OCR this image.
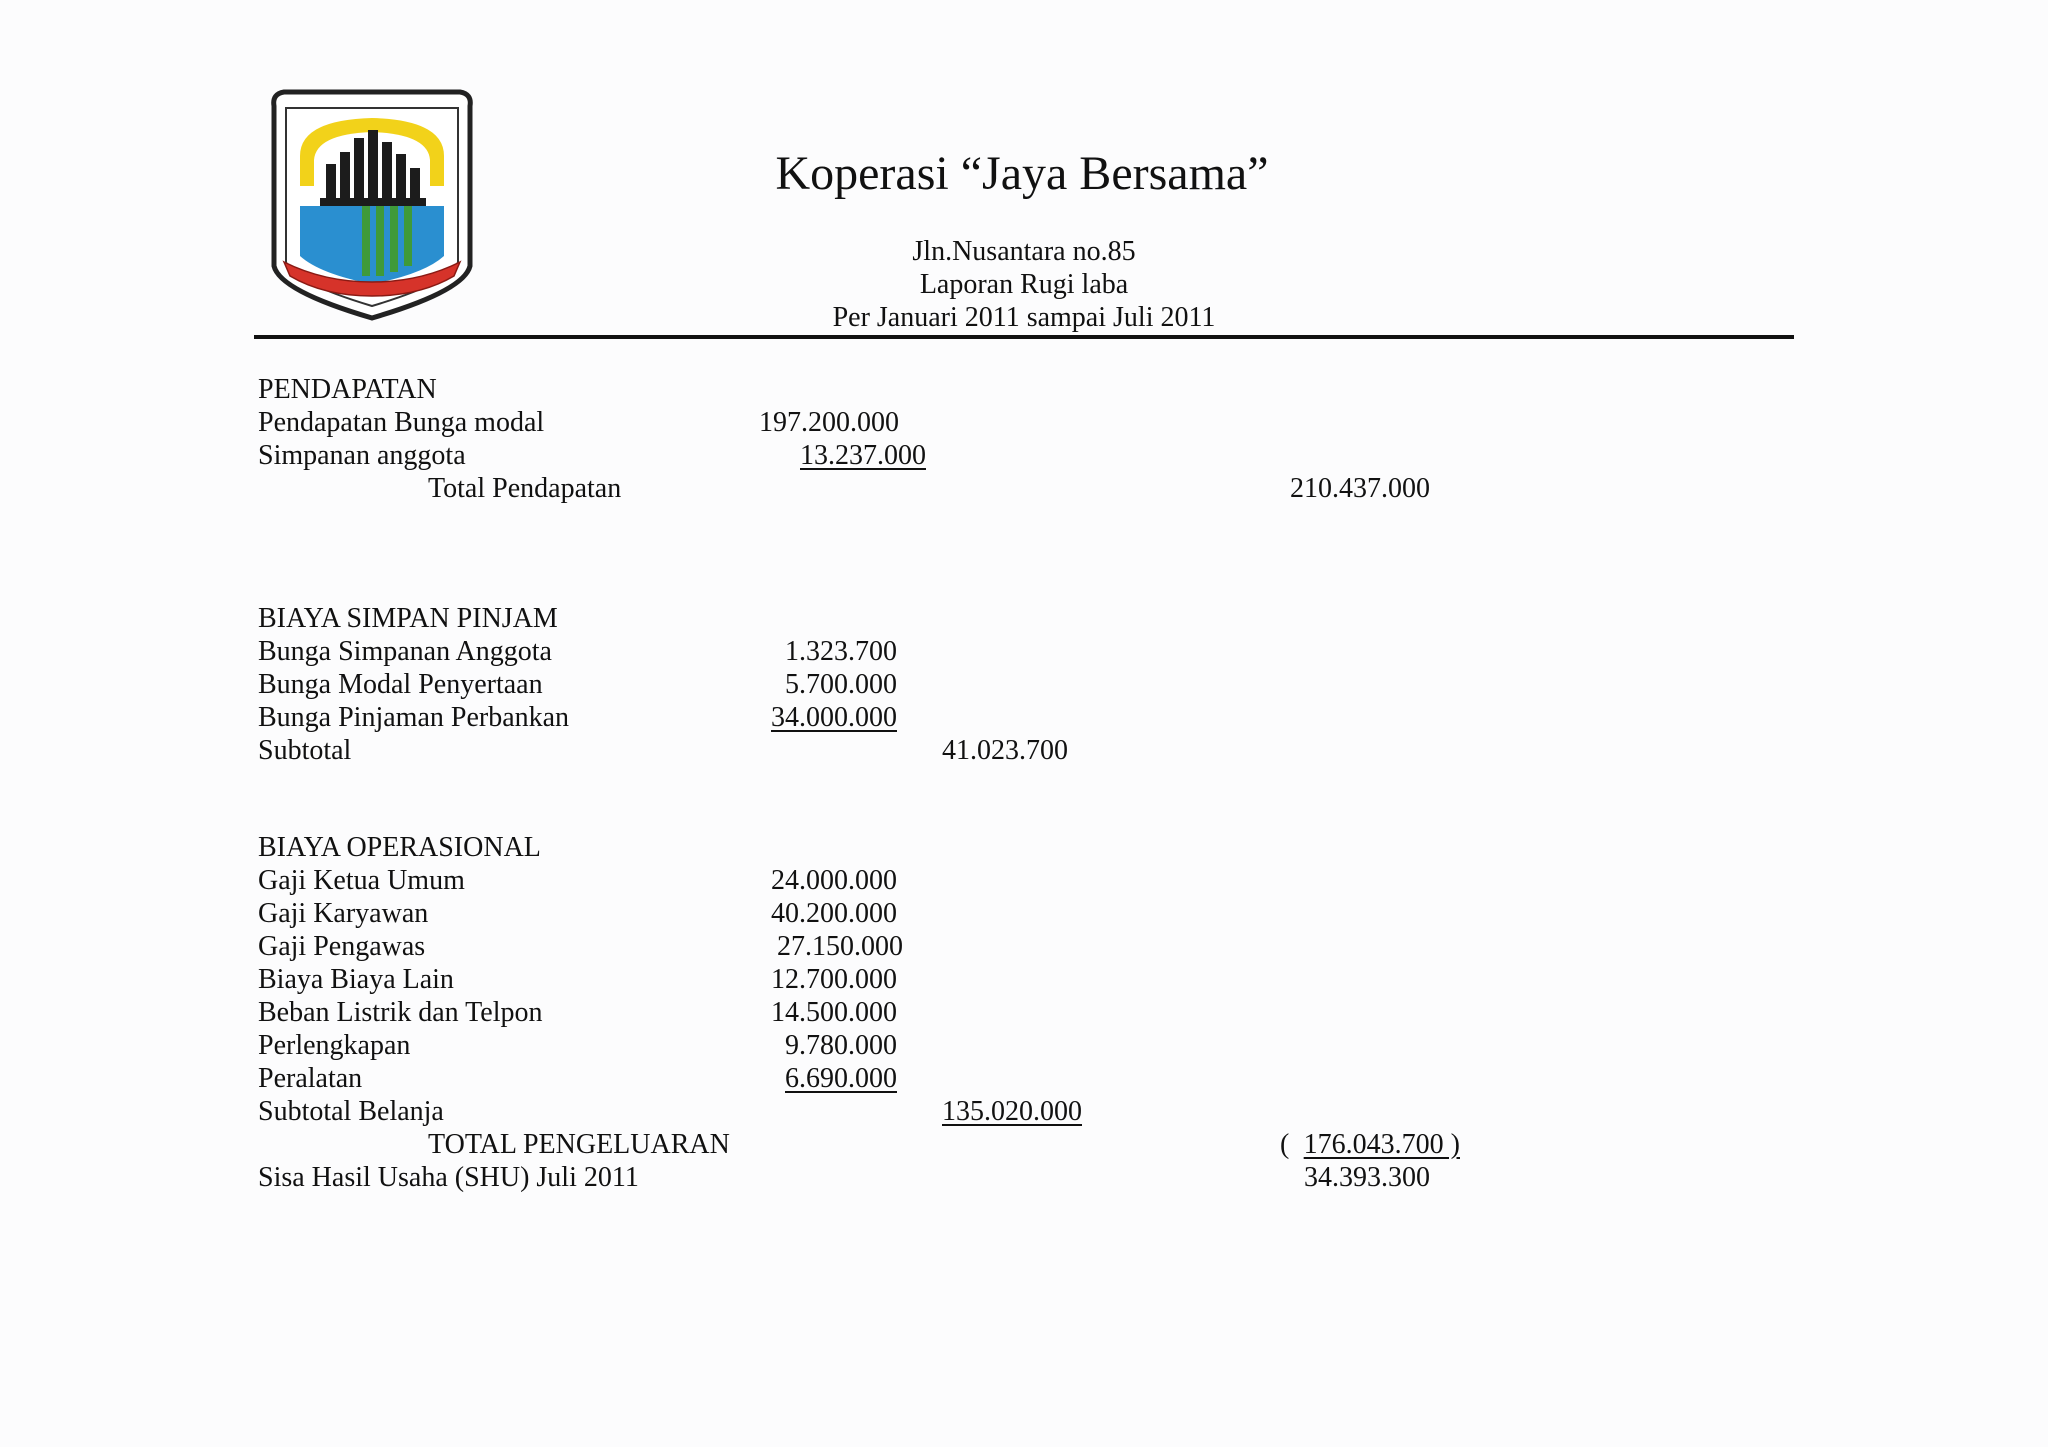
Koperasi “Jaya Bersama”
Jln.Nusantara no.85
Laporan Rugi laba
Per Januari 2011 sampai Juli 2011
PENDAPATAN
Pendapatan Bunga modal	197.200.000
Simpanan anggota	13.237.000
Total Pendapatan	210.437.000
BIAYA SIMPAN PINJAM
Bunga Simpanan Anggota	1.323.700
Bunga Modal Penyertaan	5.700.000
Bunga Pinjaman Perbankan	34.000.000
Subtotal	41.023.700
BIAYA OPERASIONAL
Gaji Ketua Umum	24.000.000
Gaji Karyawan	40.200.000
Gaji Pengawas	27.150.000
Biaya Biaya Lain	12.700.000
Beban Listrik dan Telpon	14.500.000
Perlengkapan	9.780.000
Peralatan	6.690.000
Subtotal Belanja	135.020.000
TOTAL PENGELUARAN	( 176.043.700 )
Sisa Hasil Usaha (SHU) Juli 2011	34.393.300
